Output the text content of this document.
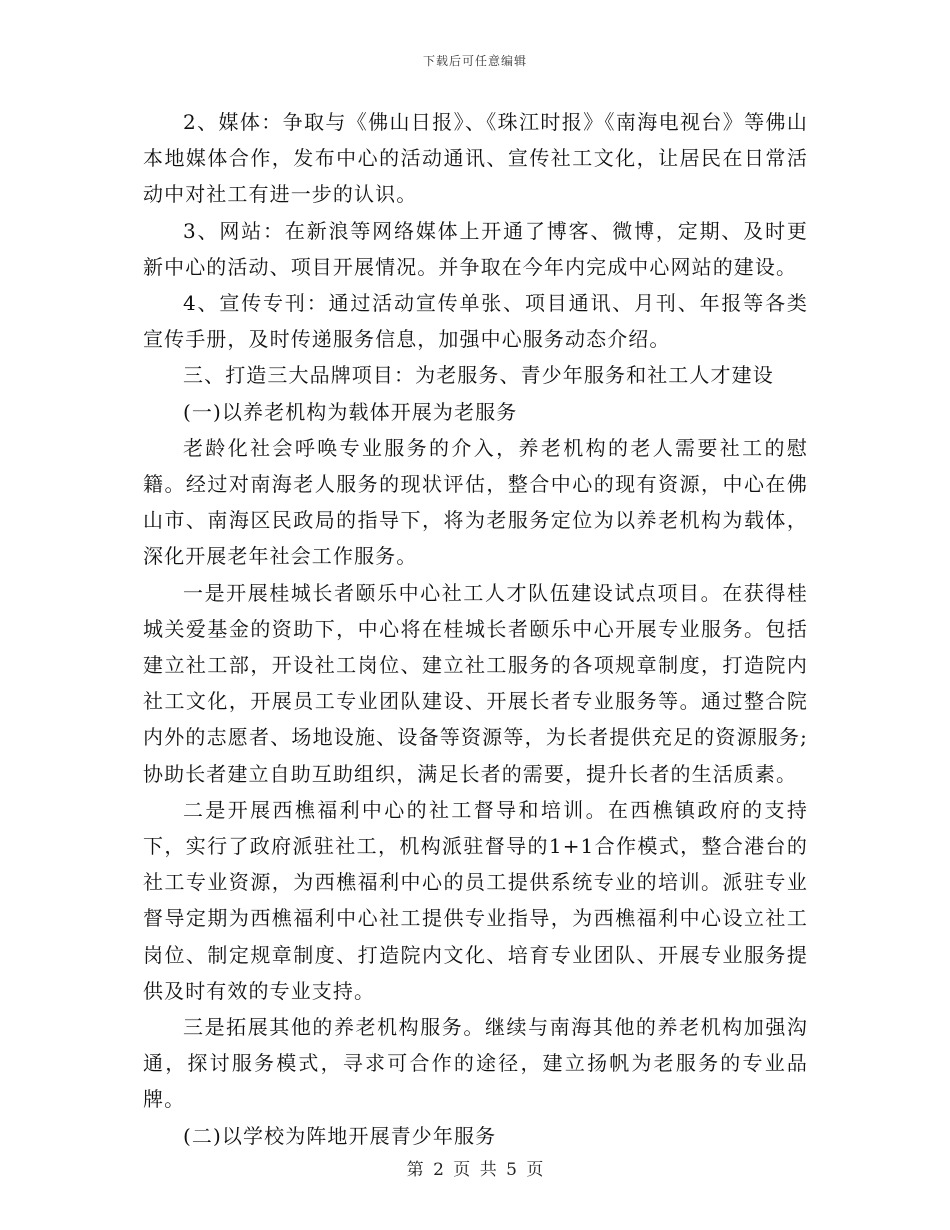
下载后可任意编辑

2、媒体：争取与《佛山日报》、《珠江时报》《南海电视台》等佛山本地媒体合作，发布中心的活动通讯、宣传社工文化，让居民在日常活动中对社工有进一步的认识。

3、网站：在新浪等网络媒体上开通了博客、微博，定期、及时更新中心的活动、项目开展情况。并争取在今年内完成中心网站的建设。

4、宣传专刊：通过活动宣传单张、项目通讯、月刊、年报等各类宣传手册，及时传递服务信息，加强中心服务动态介绍。

三、打造三大品牌项目：为老服务、青少年服务和社工人才建设

(一)以养老机构为载体开展为老服务

老龄化社会呼唤专业服务的介入，养老机构的老人需要社工的慰籍。经过对南海老人服务的现状评估，整合中心的现有资源，中心在佛山市、南海区民政局的指导下，将为老服务定位为以养老机构为载体，深化开展老年社会工作服务。

一是开展桂城长者颐乐中心社工人才队伍建设试点项目。在获得桂城关爱基金的资助下，中心将在桂城长者颐乐中心开展专业服务。包括建立社工部，开设社工岗位、建立社工服务的各项规章制度，打造院内社工文化，开展员工专业团队建设、开展长者专业服务等。通过整合院内外的志愿者、场地设施、设备等资源等，为长者提供充足的资源服务;协助长者建立自助互助组织，满足长者的需要，提升长者的生活质素。

二是开展西樵福利中心的社工督导和培训。在西樵镇政府的支持下，实行了政府派驻社工，机构派驻督导的1+1合作模式，整合港台的社工专业资源，为西樵福利中心的员工提供系统专业的培训。派驻专业督导定期为西樵福利中心社工提供专业指导，为西樵福利中心设立社工岗位、制定规章制度、打造院内文化、培育专业团队、开展专业服务提供及时有效的专业支持。

三是拓展其他的养老机构服务。继续与南海其他的养老机构加强沟通，探讨服务模式，寻求可合作的途径，建立扬帆为老服务的专业品牌。

(二)以学校为阵地开展青少年服务

第 2 页 共 5 页
